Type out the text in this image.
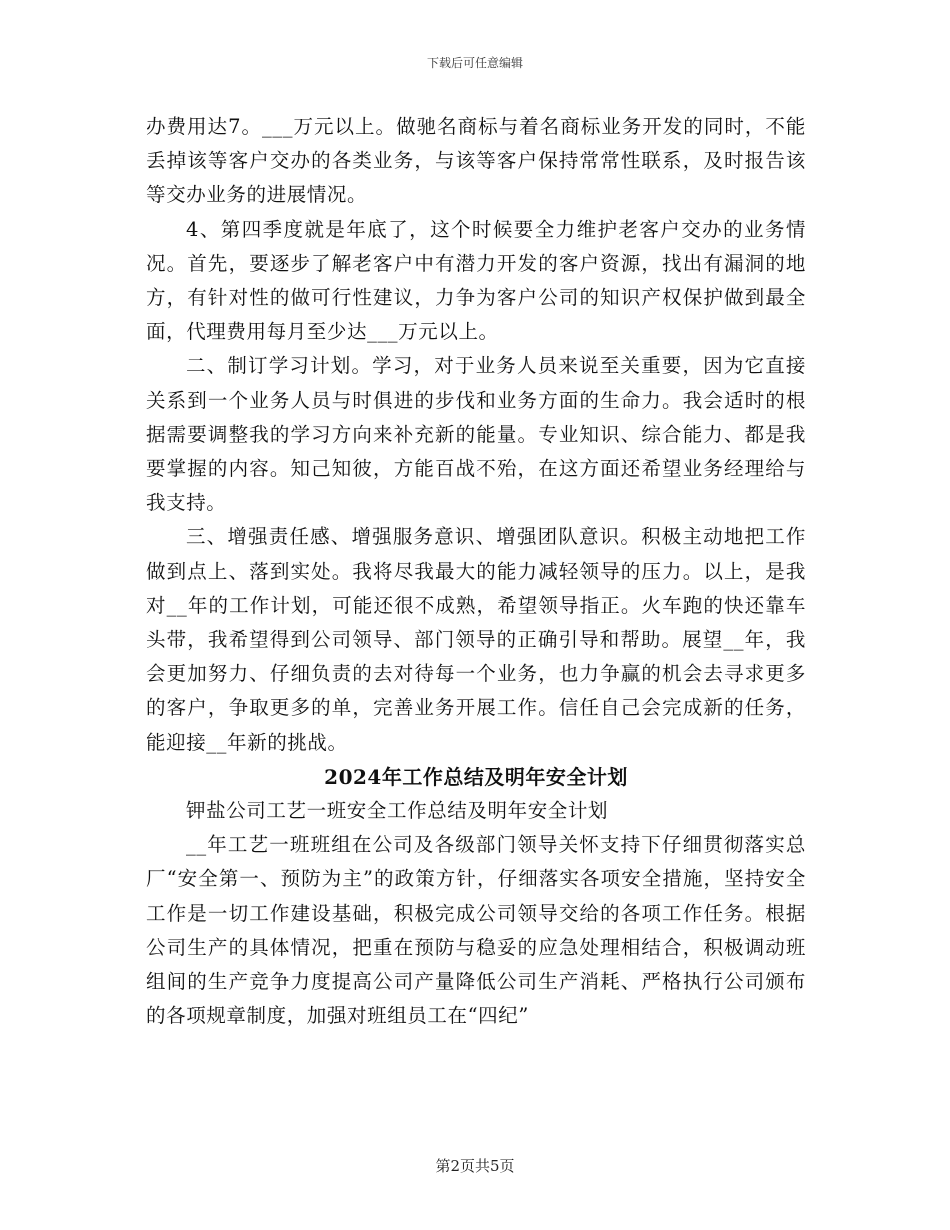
下载后可任意编辑

办费用达7。___万元以上。做驰名商标与着名商标业务开发的同时，不能丢掉该等客户交办的各类业务，与该等客户保持常常性联系，及时报告该等交办业务的进展情况。

4、第四季度就是年底了，这个时候要全力维护老客户交办的业务情况。首先，要逐步了解老客户中有潜力开发的客户资源，找出有漏洞的地方，有针对性的做可行性建议，力争为客户公司的知识产权保护做到最全面，代理费用每月至少达___万元以上。

二、制订学习计划。学习，对于业务人员来说至关重要，因为它直接关系到一个业务人员与时俱进的步伐和业务方面的生命力。我会适时的根据需要调整我的学习方向来补充新的能量。专业知识、综合能力、都是我要掌握的内容。知己知彼，方能百战不殆，在这方面还希望业务经理给与我支持。

三、增强责任感、增强服务意识、增强团队意识。积极主动地把工作做到点上、落到实处。我将尽我最大的能力减轻领导的压力。以上，是我对__年的工作计划，可能还很不成熟，希望领导指正。火车跑的快还靠车头带，我希望得到公司领导、部门领导的正确引导和帮助。展望__年，我会更加努力、仔细负责的去对待每一个业务，也力争赢的机会去寻求更多的客户，争取更多的单，完善业务开展工作。信任自己会完成新的任务，能迎接__年新的挑战。

2024年工作总结及明年安全计划

钾盐公司工艺一班安全工作总结及明年安全计划

__年工艺一班班组在公司及各级部门领导关怀支持下仔细贯彻落实总厂“安全第一、预防为主”的政策方针，仔细落实各项安全措施，坚持安全工作是一切工作建设基础，积极完成公司领导交给的各项工作任务。根据公司生产的具体情况，把重在预防与稳妥的应急处理相结合，积极调动班组间的生产竞争力度提高公司产量降低公司生产消耗、严格执行公司颁布的各项规章制度，加强对班组员工在“四纪”

第2页共5页
